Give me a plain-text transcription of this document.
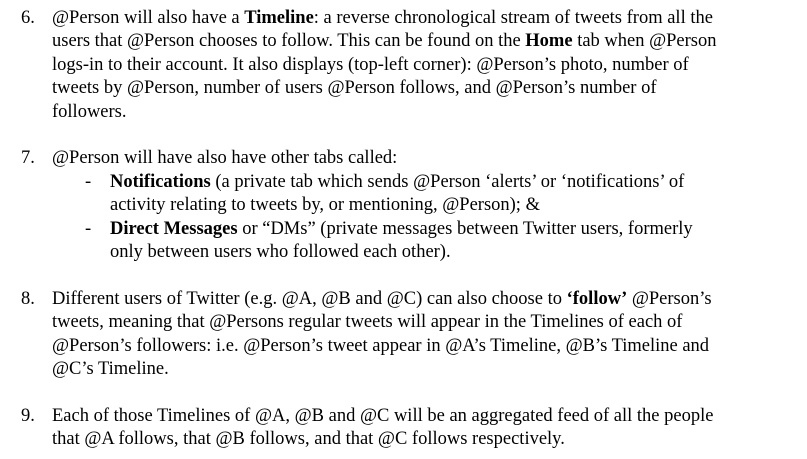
6. @Person will also have a Timeline: a reverse chronological stream of tweets from all the
users that @Person chooses to follow. This can be found on the Home tab when @Person
logs-in to their account. It also displays (top-left corner): @Person’s photo, number of
tweets by @Person, number of users @Person follows, and @Person’s number of
followers.
7. @Person will have also have other tabs called:
- Notifications (a private tab which sends @Person ‘alerts’ or ‘notifications’ of
activity relating to tweets by, or mentioning, @Person); &
- Direct Messages or “DMs” (private messages between Twitter users, formerly
only between users who followed each other).
8. Different users of Twitter (e.g. @A, @B and @C) can also choose to ‘follow’ @Person’s
tweets, meaning that @Persons regular tweets will appear in the Timelines of each of
@Person’s followers: i.e. @Person’s tweet appear in @A’s Timeline, @B’s Timeline and
@C’s Timeline.
9. Each of those Timelines of @A, @B and @C will be an aggregated feed of all the people
that @A follows, that @B follows, and that @C follows respectively.
